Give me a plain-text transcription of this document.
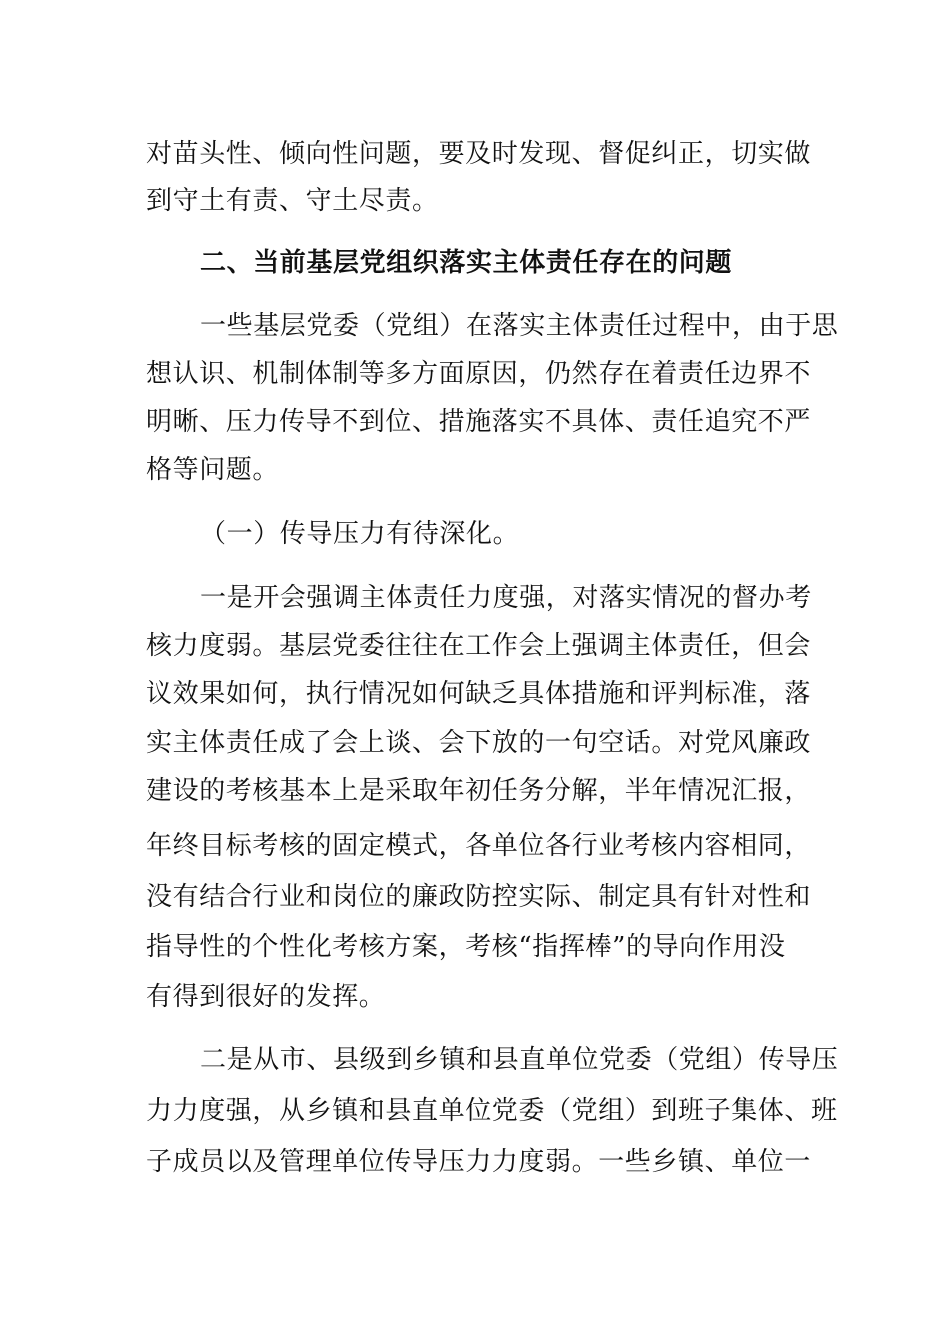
对苗头性、倾向性问题，要及时发现、督促纠正，切实做
到守土有责、守土尽责。
二、当前基层党组织落实主体责任存在的问题
一些基层党委（党组）在落实主体责任过程中，由于思
想认识、机制体制等多方面原因，仍然存在着责任边界不
明晰、压力传导不到位、措施落实不具体、责任追究不严
格等问题。
（一）传导压力有待深化。
一是开会强调主体责任力度强，对落实情况的督办考
核力度弱。基层党委往往在工作会上强调主体责任，但会
议效果如何，执行情况如何缺乏具体措施和评判标准，落
实主体责任成了会上谈、会下放的一句空话。对党风廉政
建设的考核基本上是采取年初任务分解，半年情况汇报，
年终目标考核的固定模式，各单位各行业考核内容相同，
没有结合行业和岗位的廉政防控实际、制定具有针对性和
指导性的个性化考核方案，考核“指挥棒”的导向作用没
有得到很好的发挥。
二是从市、县级到乡镇和县直单位党委（党组）传导压
力力度强，从乡镇和县直单位党委（党组）到班子集体、班
子成员以及管理单位传导压力力度弱。一些乡镇、单位一
